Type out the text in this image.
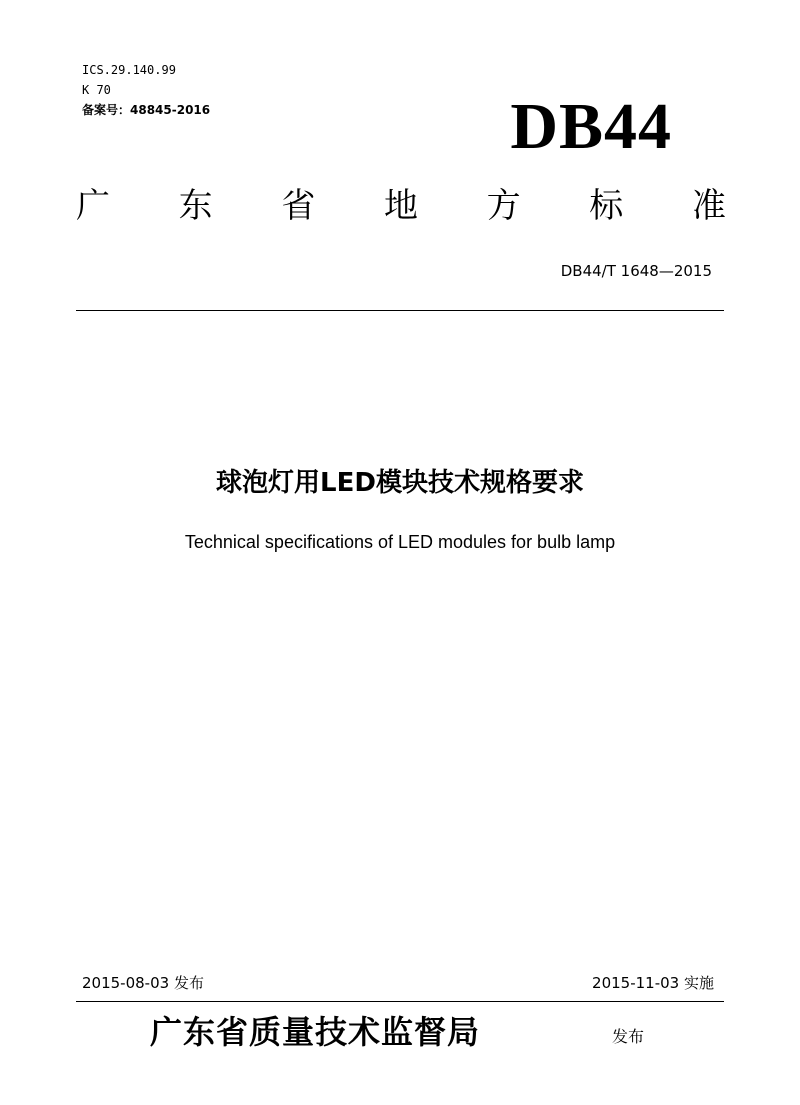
ICS.29.140.99
K 70
备案号：48845-2016	DB44
广 东 省 地 方 标 准
DB44/T 1648—2015
球泡灯用LED模块技术规格要求
Technical specifications of LED modules for bulb lamp
2015-08-03 发布	2015-11-03 实施
广东省质量技术监督局	发布
